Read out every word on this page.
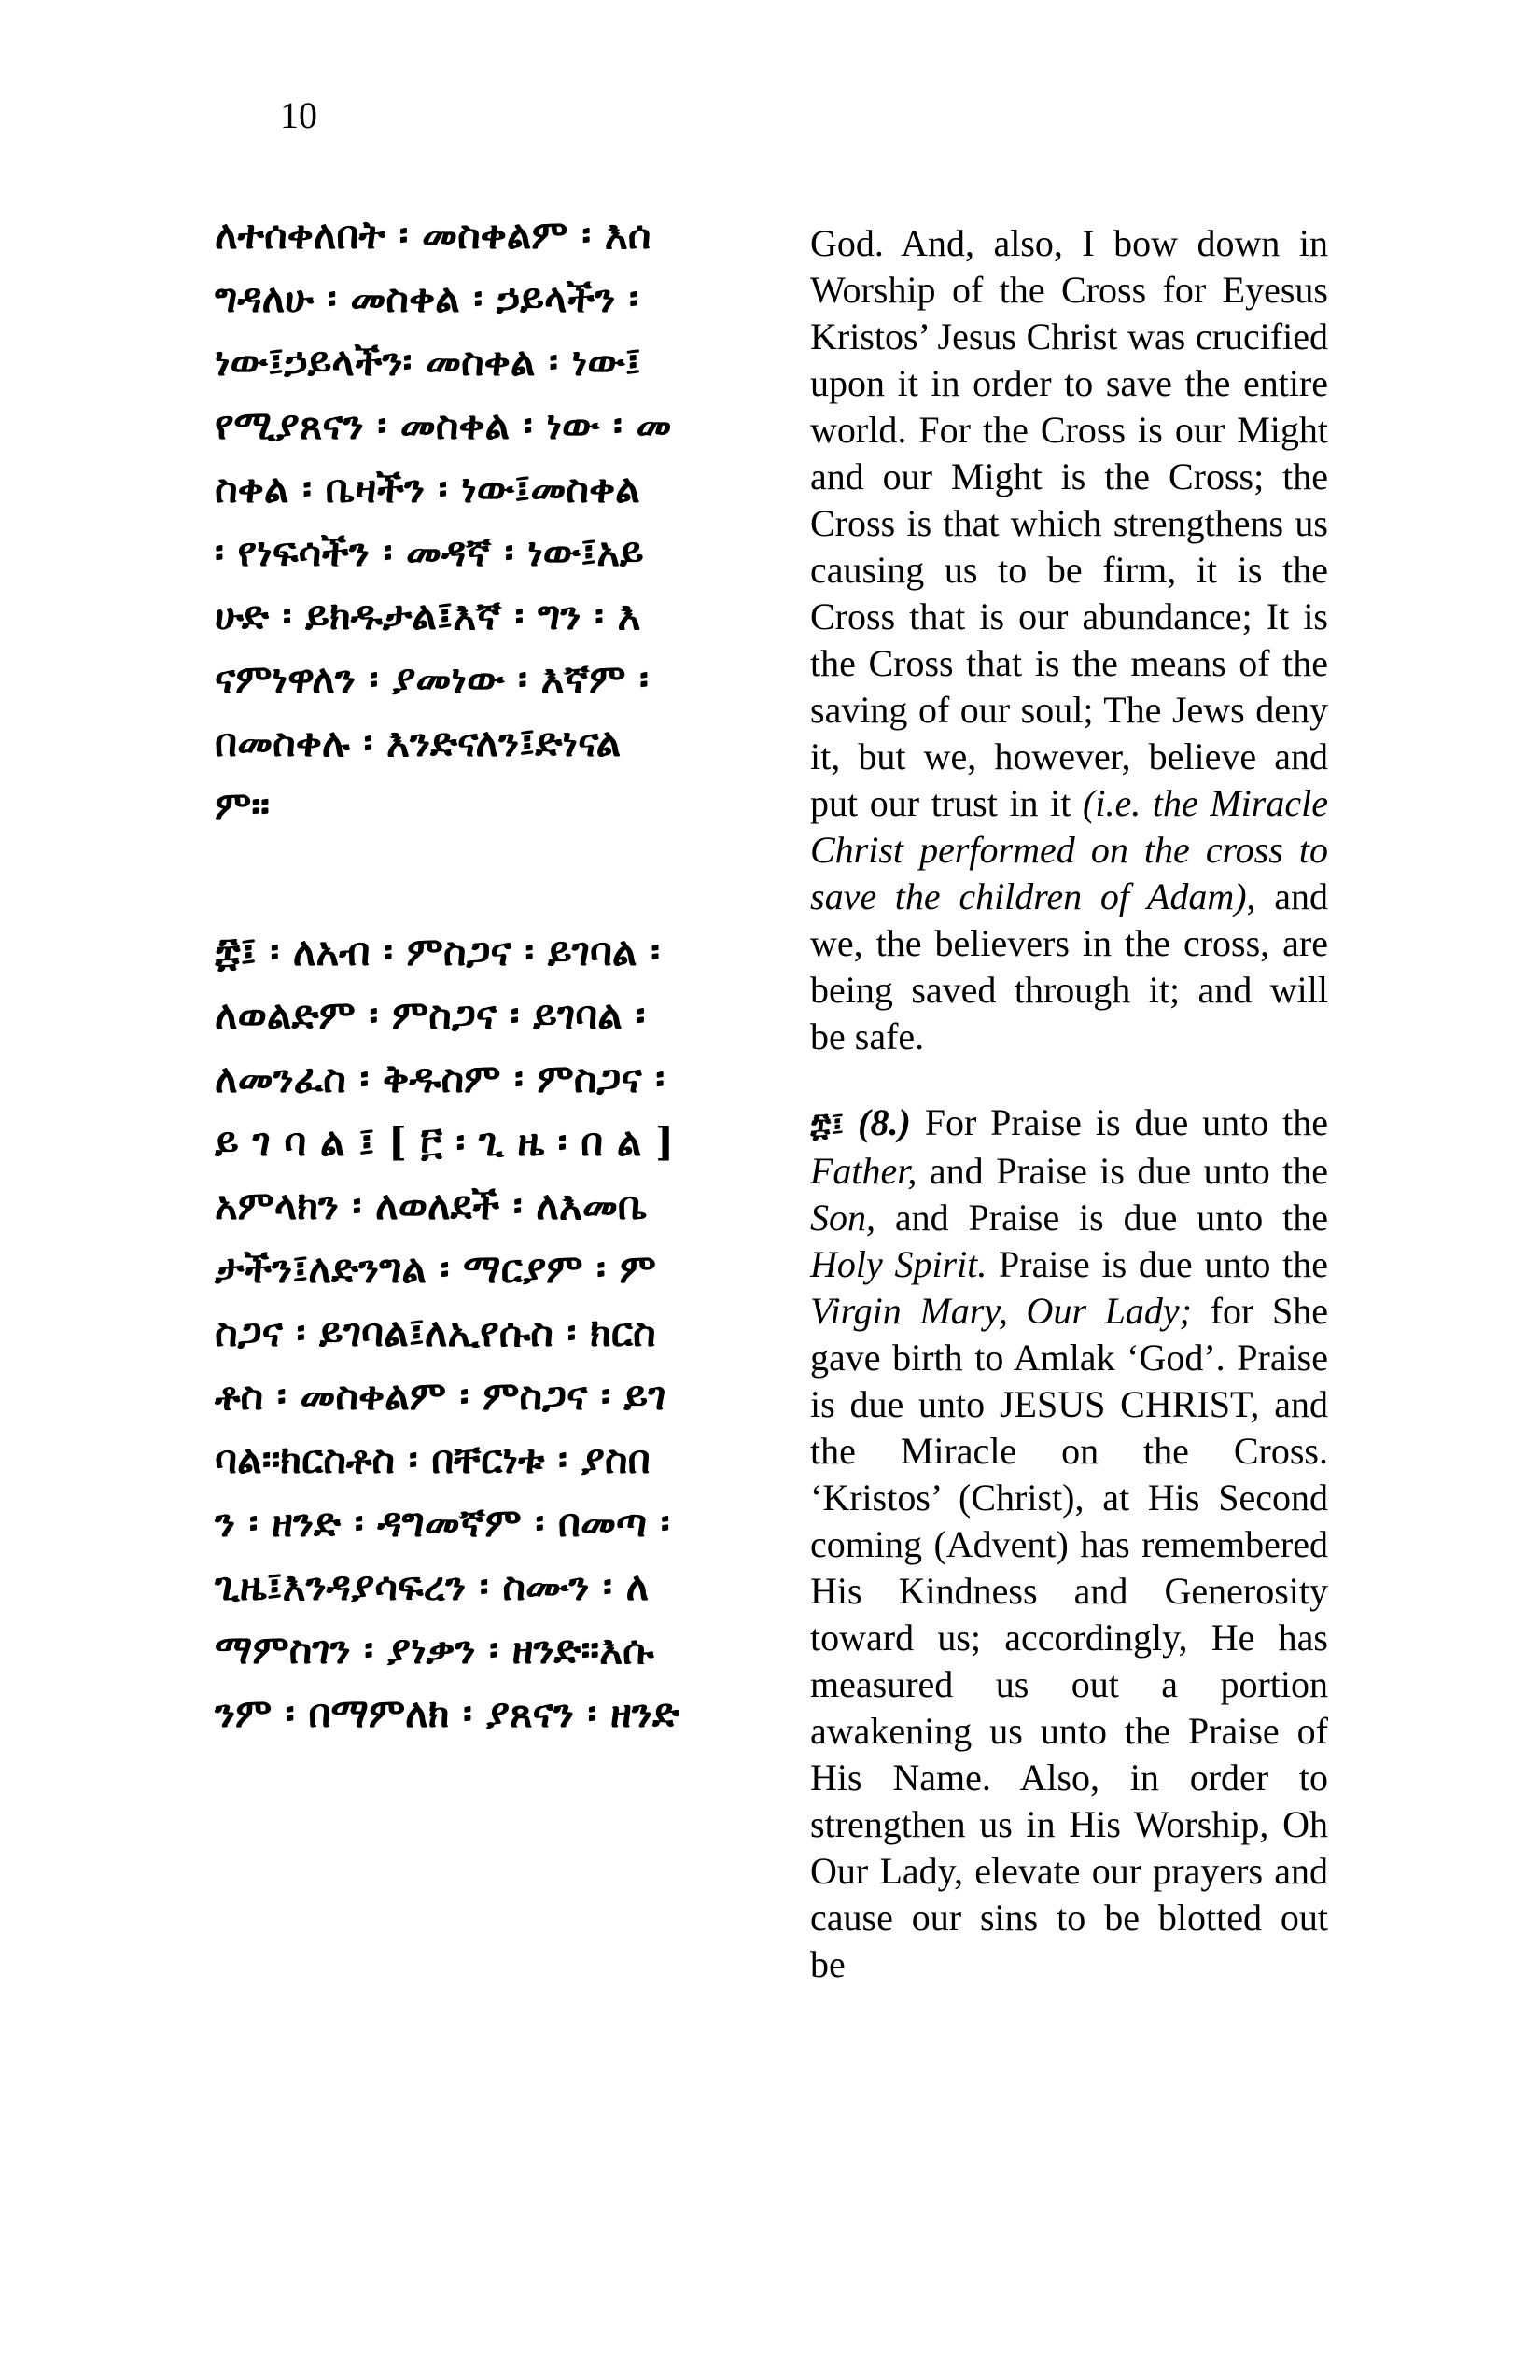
10
ለተሰቀለበት ፡ መስቀልም ፡ እሰ
ግዳለሁ ፡ መስቀል ፡ ኃይላችን ፡
ነው፤ኃይላችን፡ መስቀል ፡ ነው፤
የሚያጸናን ፡ መስቀል ፡ ነው ፡ መ
ስቀል ፡ ቤዛችን ፡ ነው፤መስቀል
፡ የነፍሳችን ፡ መዳኛ ፡ ነው፤አይ
ሁድ ፡ ይክዱታል፤እኛ ፡ ግን ፡ እ
ናምነዋለን ፡ ያመነው ፡ እኛም ፡
በመስቀሉ ፡ እንድናለን፤ድነናል
ም።
፰፤ ፡ ለአብ ፡ ምስጋና ፡ ይገባል ፡
ለወልድም ፡ ምስጋና ፡ ይገባል ፡
ለመንፈስ ፡ ቅዱስም ፡ ምስጋና ፡
ይ ገ ባ ል ፤ [ ፫ ፡ ጊ ዜ ፡ በ ል ]
አምላክን ፡ ለወለደች ፡ ለእመቤ
ታችን፤ለድንግል ፡ ማርያም ፡ ም
ስጋና ፡ ይገባል፤ለኢየሱስ ፡ ክርስ
ቶስ ፡ መስቀልም ፡ ምስጋና ፡ ይገ
ባል።ክርስቶስ ፡ በቸርነቱ ፡ ያስበ
ን ፡ ዘንድ ፡ ዳግመኛም ፡ በመጣ ፡
ጊዜ፤እንዳያሳፍረን ፡ ስሙን ፡ ለ
ማምስገን ፡ ያነቃን ፡ ዘንድ።እሱ
ንም ፡ በማምለክ ፡ ያጸናን ፡ ዘንድ

God. And, also, I bow down in Worship of the Cross for Eyesus Kristos’ Jesus Christ was crucified upon it in order to save the entire world. For the Cross is our Might and our Might is the Cross; the Cross is that which strengthens us causing us to be firm, it is the Cross that is our abundance; It is the Cross that is the means of the saving of our soul; The Jews deny it, but we, however, believe and put our trust in it (i.e. the Miracle Christ performed on the cross to save the children of Adam), and we, the believers in the cross, are being saved through it; and will be safe.

፰፤ (8.) For Praise is due unto the Father, and Praise is due unto the Son, and Praise is due unto the Holy Spirit. Praise is due unto the Virgin Mary, Our Lady; for She gave birth to Amlak ‘God’. Praise is due unto JESUS CHRIST, and the Miracle on the Cross. ‘Kristos’ (Christ), at His Second coming (Advent) has remembered His Kindness and Generosity toward us; accordingly, He has measured us out a portion awakening us unto the Praise of His Name. Also, in order to strengthen us in His Worship, Oh Our Lady, elevate our prayers and cause our sins to be blotted out be
